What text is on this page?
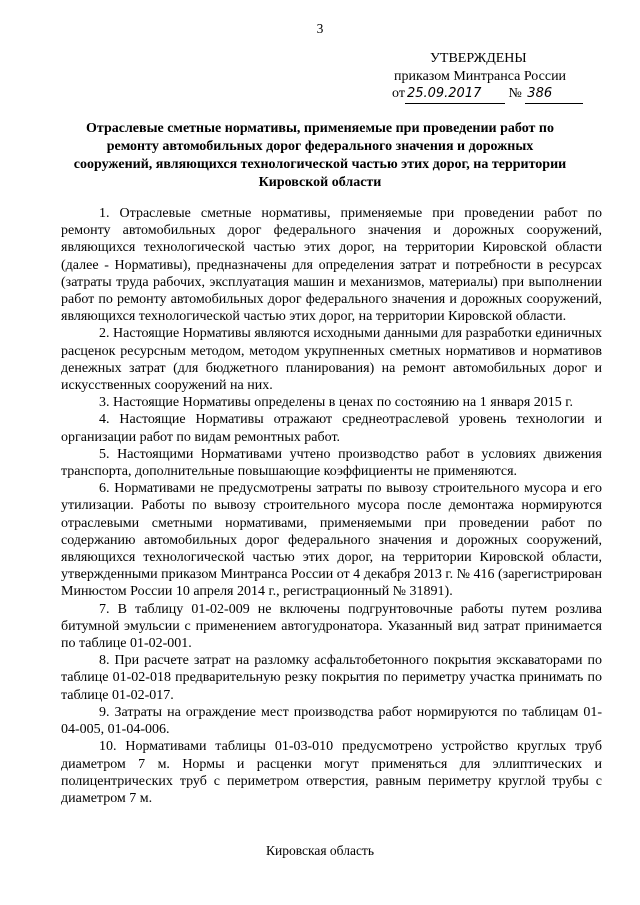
3
УТВЕРЖДЕНЫ
приказом Минтранса России
от 25.09.2017 № 386
Отраслевые сметные нормативы, применяемые при проведении работ по ремонту автомобильных дорог федерального значения и дорожных сооружений, являющихся технологической частью этих дорог, на территории Кировской области

1. Отраслевые сметные нормативы, применяемые при проведении работ по ремонту автомобильных дорог федерального значения и дорожных сооружений, являющихся технологической частью этих дорог, на территории Кировской области (далее - Нормативы), предназначены для определения затрат и потребности в ресурсах (затраты труда рабочих, эксплуатация машин и механизмов, материалы) при выполнении работ по ремонту автомобильных дорог федерального значения и дорожных сооружений, являющихся технологической частью этих дорог, на территории Кировской области.

2. Настоящие Нормативы являются исходными данными для разработки единичных расценок ресурсным методом, методом укрупненных сметных нормативов и нормативов денежных затрат (для бюджетного планирования) на ремонт автомобильных дорог и искусственных сооружений на них.

3. Настоящие Нормативы определены в ценах по состоянию на 1 января 2015 г.

4. Настоящие Нормативы отражают среднеотраслевой уровень технологии и организации работ по видам ремонтных работ.

5. Настоящими Нормативами учтено производство работ в условиях движения транспорта, дополнительные повышающие коэффициенты не применяются.

6. Нормативами не предусмотрены затраты по вывозу строительного мусора и его утилизации. Работы по вывозу строительного мусора после демонтажа нормируются отраслевыми сметными нормативами, применяемыми при проведении работ по содержанию автомобильных дорог федерального значения и дорожных сооружений, являющихся технологической частью этих дорог, на территории Кировской области, утвержденными приказом Минтранса России от 4 декабря 2013 г. № 416 (зарегистрирован Минюстом России 10 апреля 2014 г., регистрационный № 31891).

7. В таблицу 01-02-009 не включены подгрунтовочные работы путем розлива битумной эмульсии с применением автогудронатора. Указанный вид затрат принимается по таблице 01-02-001.

8. При расчете затрат на разломку асфальтобетонного покрытия экскаваторами по таблице 01-02-018 предварительную резку покрытия по периметру участка принимать по таблице 01-02-017.

9. Затраты на ограждение мест производства работ нормируются по таблицам 01-04-005, 01-04-006.

10. Нормативами таблицы 01-03-010 предусмотрено устройство круглых труб диаметром 7 м. Нормы и расценки могут применяться для эллиптических и полицентрических труб с периметром отверстия, равным периметру круглой трубы с диаметром 7 м.

Кировская область
